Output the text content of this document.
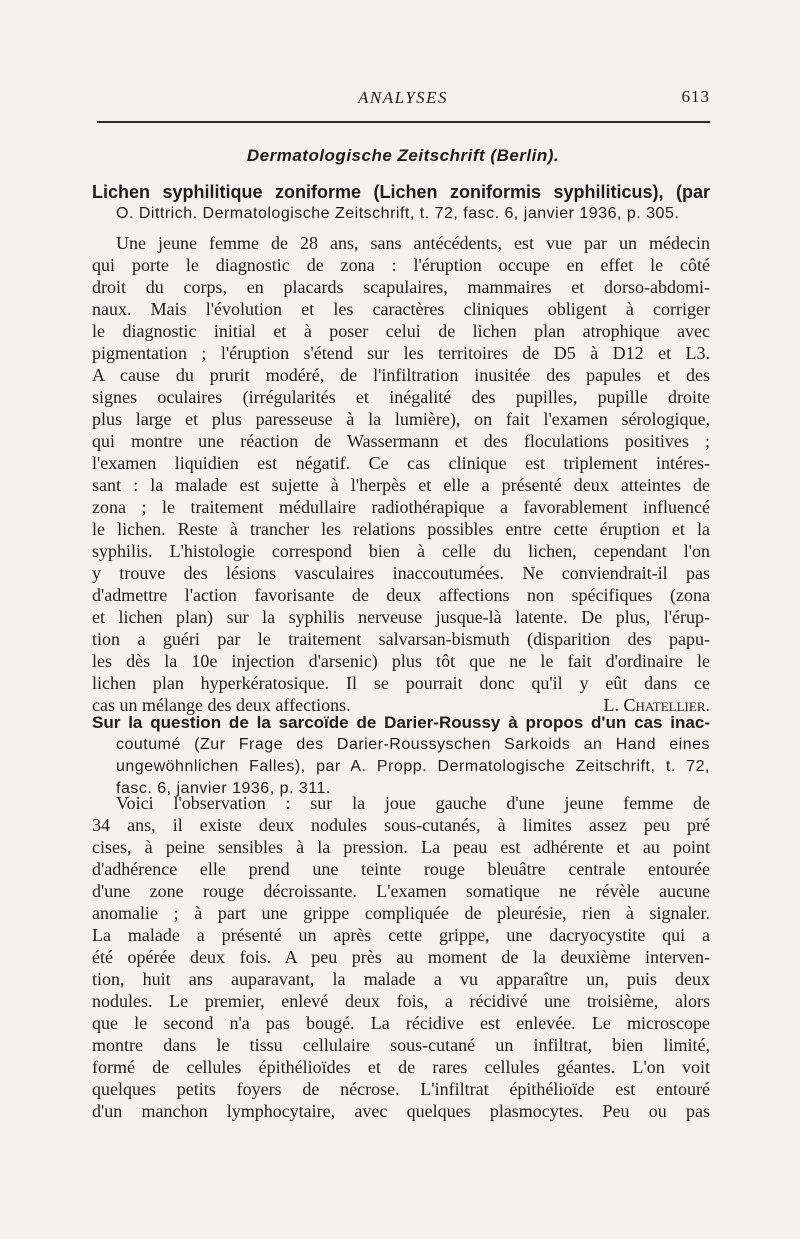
ANALYSES	613
Dermatologische Zeitschrift (Berlin).
Lichen syphilitique zoniforme (Lichen zoniformis syphiliticus), (par
O. Dittrich. Dermatologische Zeitschrift, t. 72, fasc. 6, janvier 1936, p. 305.
Une jeune femme de 28 ans, sans antécédents, est vue par un médecin
qui porte le diagnostic de zona : l'éruption occupe en effet le côté
droit du corps, en placards scapulaires, mammaires et dorso-abdomi-
naux. Mais l'évolution et les caractères cliniques obligent à corriger
le diagnostic initial et à poser celui de lichen plan atrophique avec
pigmentation ; l'éruption s'étend sur les territoires de D5 à D12 et L3.
A cause du prurit modéré, de l'infiltration inusitée des papules et des
signes oculaires (irrégularités et inégalité des pupilles, pupille droite
plus large et plus paresseuse à la lumière), on fait l'examen sérologique,
qui montre une réaction de Wassermann et des floculations positives ;
l'examen liquidien est négatif. Ce cas clinique est triplement intéres-
sant : la malade est sujette à l'herpès et elle a présenté deux atteintes de
zona ; le traitement médullaire radiothérapique a favorablement influencé
le lichen. Reste à trancher les relations possibles entre cette éruption et la
syphilis. L'histologie correspond bien à celle du lichen, cependant l'on
y trouve des lésions vasculaires inaccoutumées. Ne conviendrait-il pas
d'admettre l'action favorisante de deux affections non spécifiques (zona
et lichen plan) sur la syphilis nerveuse jusque-là latente. De plus, l'érup-
tion a guéri par le traitement salvarsan-bismuth (disparition des papu-
les dès la 10e injection d'arsenic) plus tôt que ne le fait d'ordinaire le
lichen plan hyperkératosique. Il se pourrait donc qu'il y eût dans ce
cas un mélange des deux affections.	L. Chatellier.
Sur la question de la sarcoïde de Darier-Roussy à propos d'un cas inac-
coutumé (Zur Frage des Darier-Roussyschen Sarkoids an Hand eines
ungewöhnlichen Falles), par A. Propp. Dermatologische Zeitschrift, t. 72,
fasc. 6, janvier 1936, p. 311.
Voici l'observation : sur la joue gauche d'une jeune femme de
34 ans, il existe deux nodules sous-cutanés, à limites assez peu pré
cises, à peine sensibles à la pression. La peau est adhérente et au point
d'adhérence elle prend une teinte rouge bleuâtre centrale entourée
d'une zone rouge décroissante. L'examen somatique ne révèle aucune
anomalie ; à part une grippe compliquée de pleurésie, rien à signaler.
La malade a présenté un après cette grippe, une dacryocystite qui a
été opérée deux fois. A peu près au moment de la deuxième interven-
tion, huit ans auparavant, la malade a vu apparaître un, puis deux
nodules. Le premier, enlevé deux fois, a récidivé une troisième, alors
que le second n'a pas bougé. La récidive est enlevée. Le microscope
montre dans le tissu cellulaire sous-cutané un infiltrat, bien limité,
formé de cellules épithélioïdes et de rares cellules géantes. L'on voit
quelques petits foyers de nécrose. L'infiltrat épithélioïde est entouré
d'un manchon lymphocytaire, avec quelques plasmocytes. Peu ou pas
